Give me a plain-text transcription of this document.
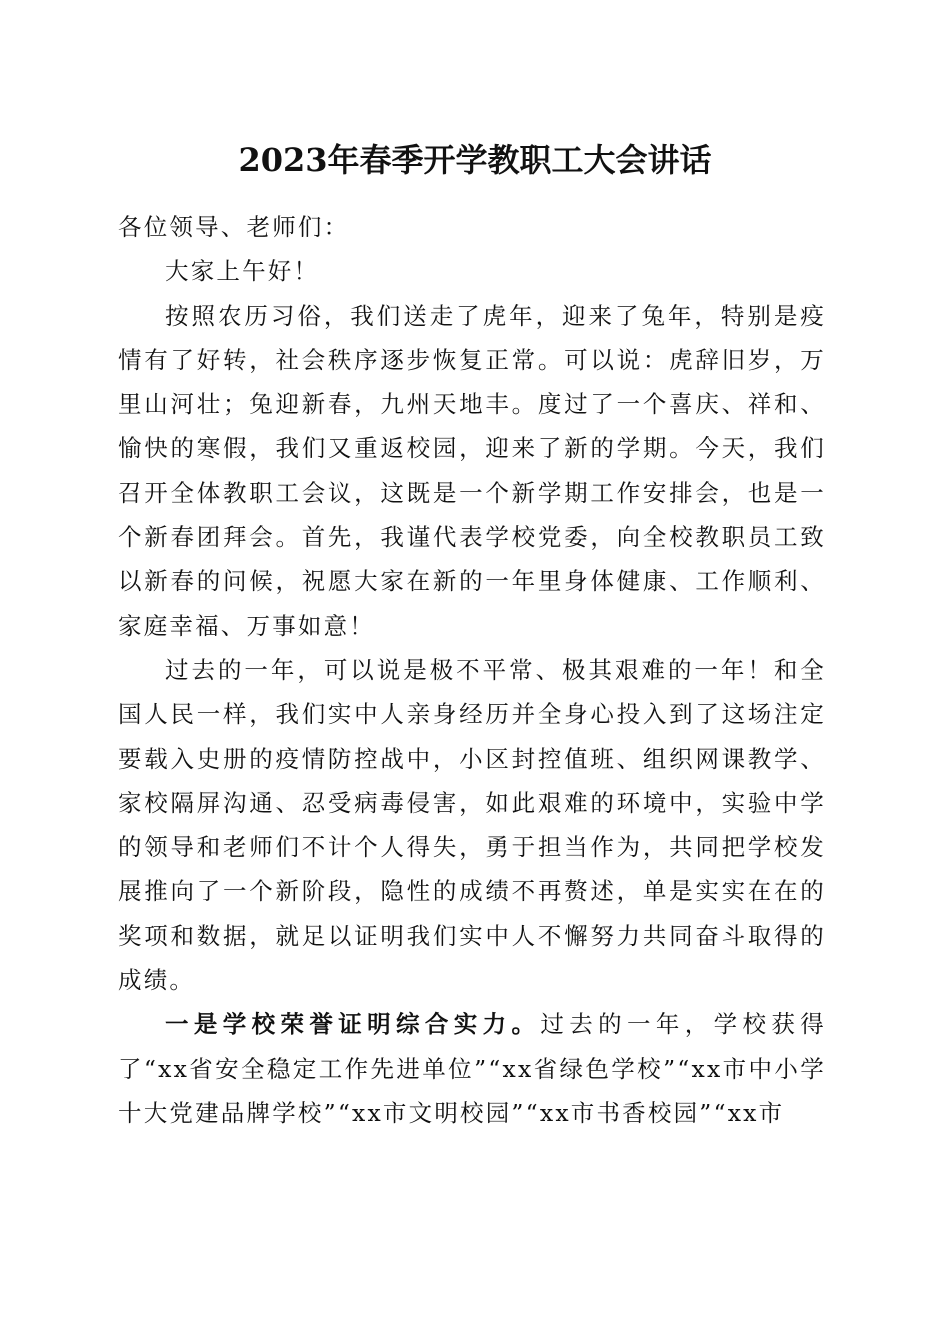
2023年春季开学教职工大会讲话

各位领导、老师们：

大家上午好！

按照农历习俗，我们送走了虎年，迎来了兔年，特别是疫情有了好转，社会秩序逐步恢复正常。可以说：虎辞旧岁，万里山河壮；兔迎新春，九州天地丰。度过了一个喜庆、祥和、愉快的寒假，我们又重返校园，迎来了新的学期。今天，我们召开全体教职工会议，这既是一个新学期工作安排会，也是一个新春团拜会。首先，我谨代表学校党委，向全校教职员工致以新春的问候，祝愿大家在新的一年里身体健康、工作顺利、家庭幸福、万事如意！

过去的一年，可以说是极不平常、极其艰难的一年！和全国人民一样，我们实中人亲身经历并全身心投入到了这场注定要载入史册的疫情防控战中，小区封控值班、组织网课教学、家校隔屏沟通、忍受病毒侵害，如此艰难的环境中，实验中学的领导和老师们不计个人得失，勇于担当作为，共同把学校发展推向了一个新阶段，隐性的成绩不再赘述，单是实实在在的奖项和数据，就足以证明我们实中人不懈努力共同奋斗取得的成绩。

一是学校荣誉证明综合实力。过去的一年，学校获得了“xx省安全稳定工作先进单位”“xx省绿色学校”“xx市中小学十大党建品牌学校”“xx市文明校园”“xx市书香校园”“xx市
